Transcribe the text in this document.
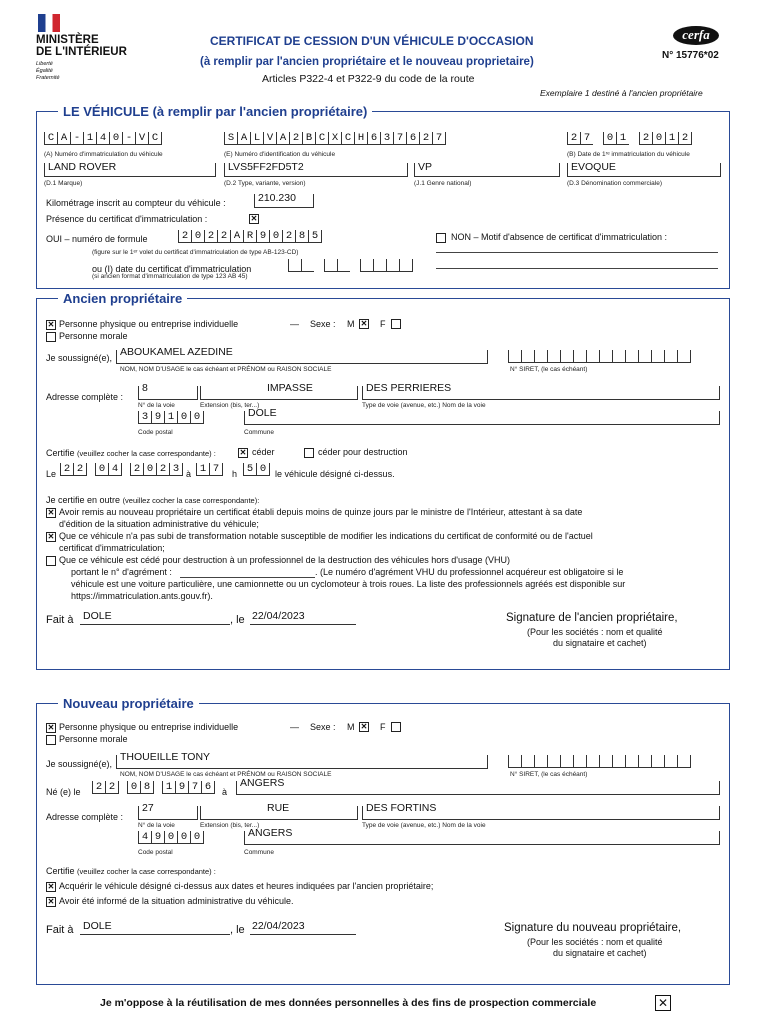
MINISTÈRE
DE L'INTÉRIEUR
Liberté
Égalité
Fraternité
CERTIFICAT DE CESSION D'UN VÉHICULE D'OCCASION
(à remplir par l'ancien propriétaire et le nouveau proprietaire)
Articles P322-4 et P322-9 du code de la route
cerfa
N° 15776*02
Exemplaire 1 destiné à l'ancien propriétaire
LE VÉHICULE (à remplir par l'ancien propriétaire)
C A - 1 4 0 - V C
(A) Numéro d'immatriculation du véhicule
S A L V A 2 B C X C H 6 3 7 6 2 7
(E) Numéro d'identification du véhicule
2 7	0 1	2 0 1 2
(B) Date de 1ʳᵉ immatriculation du véhicule
LAND ROVER
(D.1 Marque)
LVS5FF2FD5T2
(D.2 Type, variante, version)
VP
(J.1 Genre national)
EVOQUE
(D.3 Dénomination commerciale)
Kilométrage inscrit au compteur du véhicule :	210.230
Présence du certificat d'immatriculation :	✕
OUI – numéro de formule	2 0 2 2 A R 9 0 2 8 5
(figure sur le 1ᵉʳ volet du certificat d'immatriculation de type AB-123-CD)
ou (I) date du certificat d'immatriculation
(si ancien format d'immatriculation de type 123 AB 45)
NON – Motif d'absence de certificat d'immatriculation :
Ancien propriétaire
✕ Personne physique ou entreprise individuelle	— Sexe : M ✕ F
Personne morale
Je soussigné(e), ABOUKAMEL AZEDINE
NOM, NOM D'USAGE le cas échéant et PRÉNOM ou RAISON SOCIALE	N° SIRET, (le cas échéant)
Adresse complète :
8
N° de la voie
IMPASSE
Extension (bis, ter...)
DES PERRIERES
Type de voie (avenue, etc.) Nom de la voie
3 9 1 0 0
Code postal
DOLE
Commune
Certifie (veuillez cocher la case correspondante) :	✕ céder	céder pour destruction
Le 2 2	0 4	2 0 2 3 à 1 7	h 5 0 le véhicule désigné ci-dessus.
Je certifie en outre (veuillez cocher la case correspondante):
✕ Avoir remis au nouveau propriétaire un certificat établi depuis moins de quinze jours par le ministre de l'Intérieur, attestant à sa date
d'édition de la situation administrative du véhicule;
✕ Que ce véhicule n'a pas subi de transformation notable susceptible de modifier les indications du certificat de conformité ou de l'actuel
certificat d'immatriculation;
Que ce véhicule est cédé pour destruction à un professionnel de la destruction des véhicules hors d'usage (VHU)
portant le n° d'agrément :	. (Le numéro d'agrément VHU du professionnel acquéreur est obligatoire si le
véhicule est une voiture particulière, une camionnette ou un cyclomoteur à trois roues. La liste des professionnels agréés est disponible sur
https://immatriculation.ants.gouv.fr).
Fait à DOLE	, le 22/04/2023	Signature de l'ancien propriétaire,
(Pour les sociétés : nom et qualité
du signataire et cachet)
Nouveau propriétaire
✕ Personne physique ou entreprise individuelle	— Sexe : M ✕ F
Personne morale
Je soussigné(e),
THOUEILLE TONY
NOM, NOM D'USAGE le cas échéant et PRÉNOM ou RAISON SOCIALE	N° SIRET, (le cas échéant)
Né (e) le	2 2	0 8	1 9 7 6	à
ANGERS
Adresse complète :
27
N° de la voie
RUE
Extension (bis, ter...)
DES FORTINS
Type de voie (avenue, etc.) Nom de la voie
4 9 0 0 0
Code postal
ANGERS
Commune
Certifie (veuillez cocher la case correspondante) :
✕ Acquérir le véhicule désigné ci-dessus aux dates et heures indiquées par l'ancien propriétaire;
✕ Avoir été informé de la situation administrative du véhicule.
Fait à DOLE	, le 22/04/2023	Signature du nouveau propriétaire,
(Pour les sociétés : nom et qualité
du signataire et cachet)
Je m'oppose à la réutilisation de mes données personnelles à des fins de prospection commerciale	✕
